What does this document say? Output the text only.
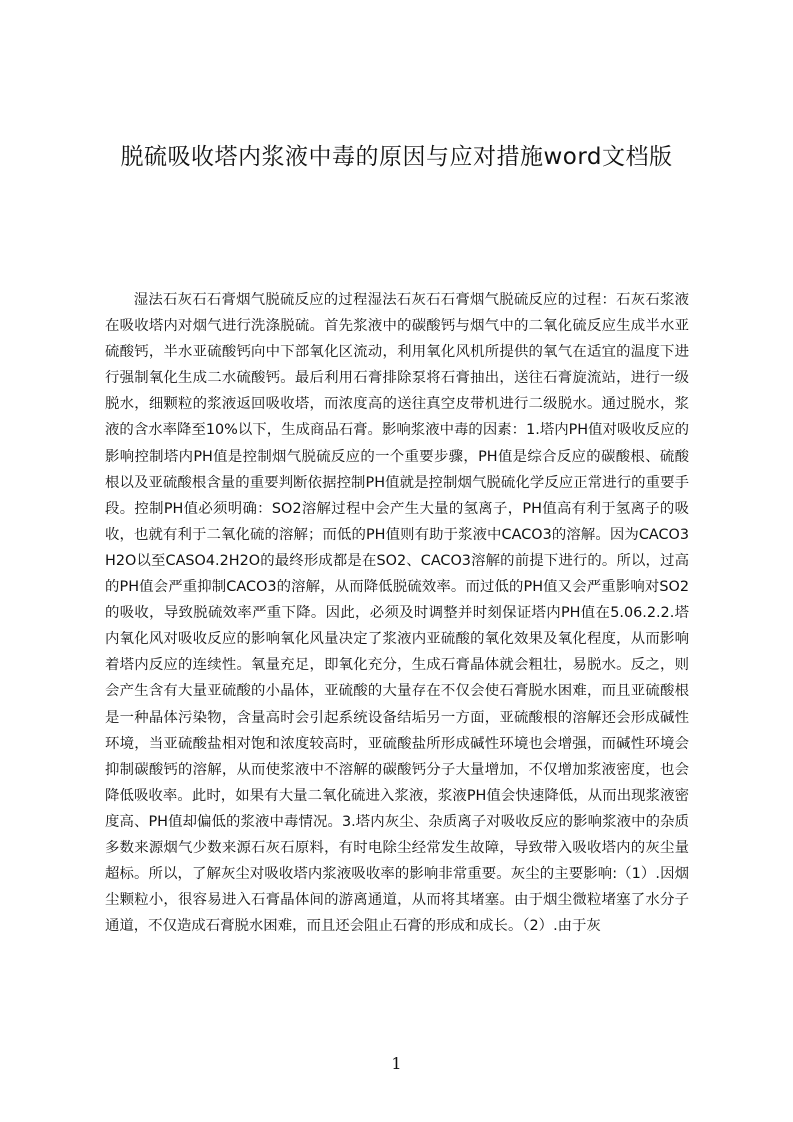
脱硫吸收塔内浆液中毒的原因与应对措施word文档版

湿法石灰石石膏烟气脱硫反应的过程湿法石灰石石膏烟气脱硫反应的过程：石灰石浆液在吸收塔内对烟气进行洗涤脱硫。首先浆液中的碳酸钙与烟气中的二氧化硫反应生成半水亚硫酸钙，半水亚硫酸钙向中下部氧化区流动，利用氧化风机所提供的氧气在适宜的温度下进行强制氧化生成二水硫酸钙。最后利用石膏排除泵将石膏抽出，送往石膏旋流站，进行一级脱水，细颗粒的浆液返回吸收塔，而浓度高的送往真空皮带机进行二级脱水。通过脱水，浆液的含水率降至10%以下，生成商品石膏。影响浆液中毒的因素：1.塔内PH值对吸收反应的影响控制塔内PH值是控制烟气脱硫反应的一个重要步骤，PH值是综合反应的碳酸根、硫酸根以及亚硫酸根含量的重要判断依据控制PH值就是控制烟气脱硫化学反应正常进行的重要手段。控制PH值必须明确：SO2溶解过程中会产生大量的氢离子，PH值高有利于氢离子的吸收，也就有利于二氧化硫的溶解；而低的PH值则有助于浆液中CACO3的溶解。因为CACO3H2O以至CASO4.2H2O的最终形成都是在SO2、CACO3溶解的前提下进行的。所以，过高的PH值会严重抑制CACO3的溶解，从而降低脱硫效率。而过低的PH值又会严重影响对SO2的吸收，导致脱硫效率严重下降。因此，必须及时调整并时刻保证塔内PH值在5.06.2.2.塔内氧化风对吸收反应的影响氧化风量决定了浆液内亚硫酸的氧化效果及氧化程度，从而影响着塔内反应的连续性。氧量充足，即氧化充分，生成石膏晶体就会粗壮，易脱水。反之，则会产生含有大量亚硫酸的小晶体，亚硫酸的大量存在不仅会使石膏脱水困难，而且亚硫酸根是一种晶体污染物，含量高时会引起系统设备结垢另一方面，亚硫酸根的溶解还会形成碱性环境，当亚硫酸盐相对饱和浓度较高时，亚硫酸盐所形成碱性环境也会增强，而碱性环境会抑制碳酸钙的溶解，从而使浆液中不溶解的碳酸钙分子大量增加，不仅增加浆液密度，也会降低吸收率。此时，如果有大量二氧化硫进入浆液，浆液PH值会快速降低，从而出现浆液密度高、PH值却偏低的浆液中毒情况。3.塔内灰尘、杂质离子对吸收反应的影响浆液中的杂质多数来源烟气少数来源石灰石原料，有时电除尘经常发生故障，导致带入吸收塔内的灰尘量超标。所以，了解灰尘对吸收塔内浆液吸收率的影响非常重要。灰尘的主要影响:（1）.因烟尘颗粒小，很容易进入石膏晶体间的游离通道，从而将其堵塞。由于烟尘微粒堵塞了水分子通道，不仅造成石膏脱水困难，而且还会阻止石膏的形成和成长。（2）.由于灰

1
